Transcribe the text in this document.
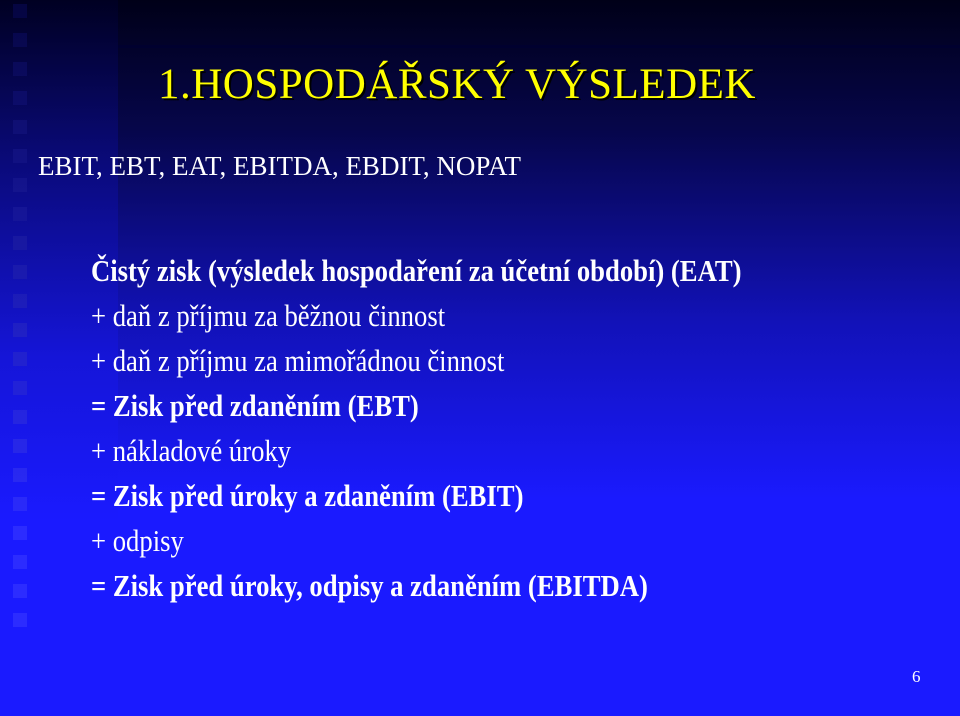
1.HOSPODÁŘSKÝ VÝSLEDEK
EBIT, EBT, EAT, EBITDA, EBDIT, NOPAT
Čistý zisk (výsledek hospodaření za účetní období) (EAT)
+ daň z příjmu za běžnou činnost
+ daň z příjmu za mimořádnou činnost
= Zisk před zdaněním (EBT)
+ nákladové úroky
= Zisk před úroky a zdaněním (EBIT)
+ odpisy
= Zisk před úroky, odpisy a zdaněním (EBITDA)
6
